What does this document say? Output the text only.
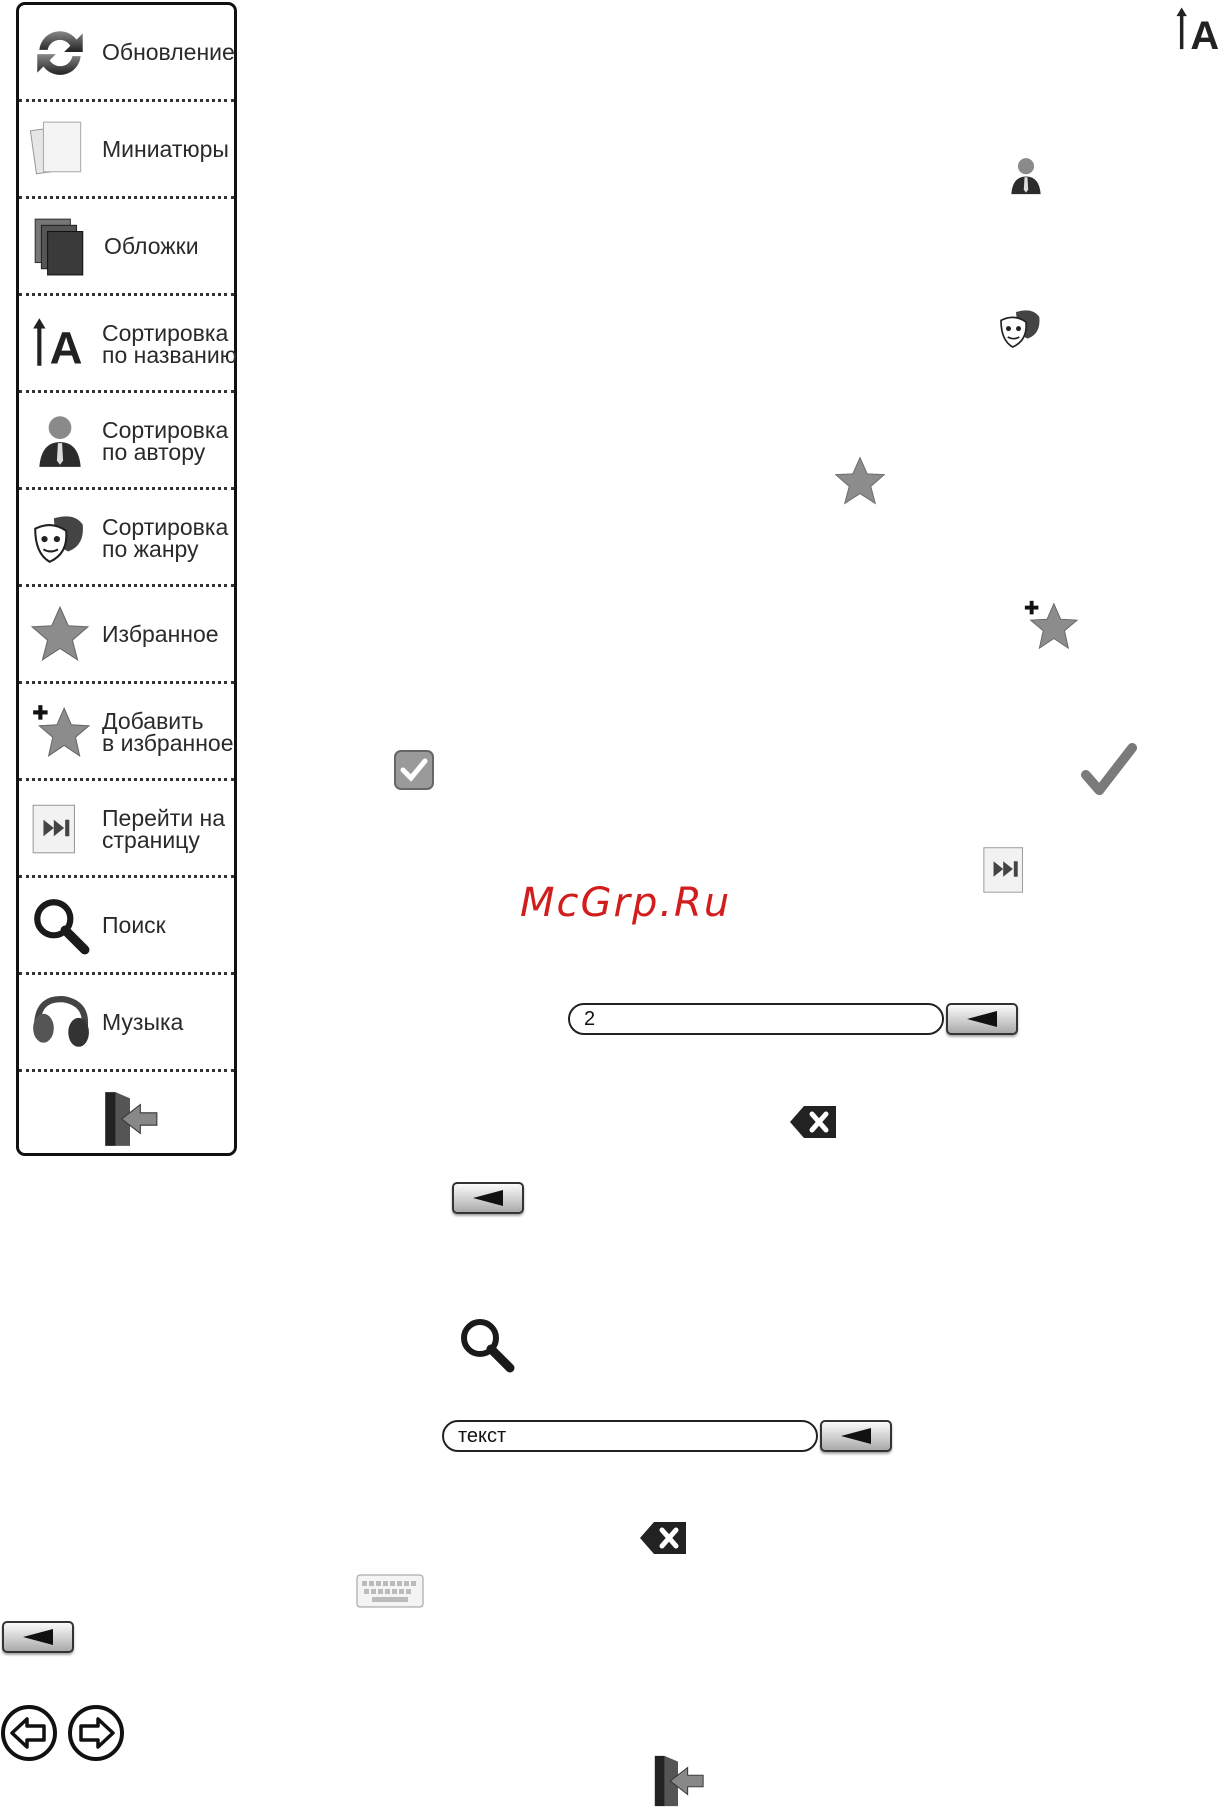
Обновление
Миниатюры
Обложки
A Сортировка
по названию
Сортировка
по автору
Сортировка
по жанру
Избранное
Добавить
в избранное
Перейти на
страницу
Поиск
Музыка
A
McGrp.Ru
2
текст
